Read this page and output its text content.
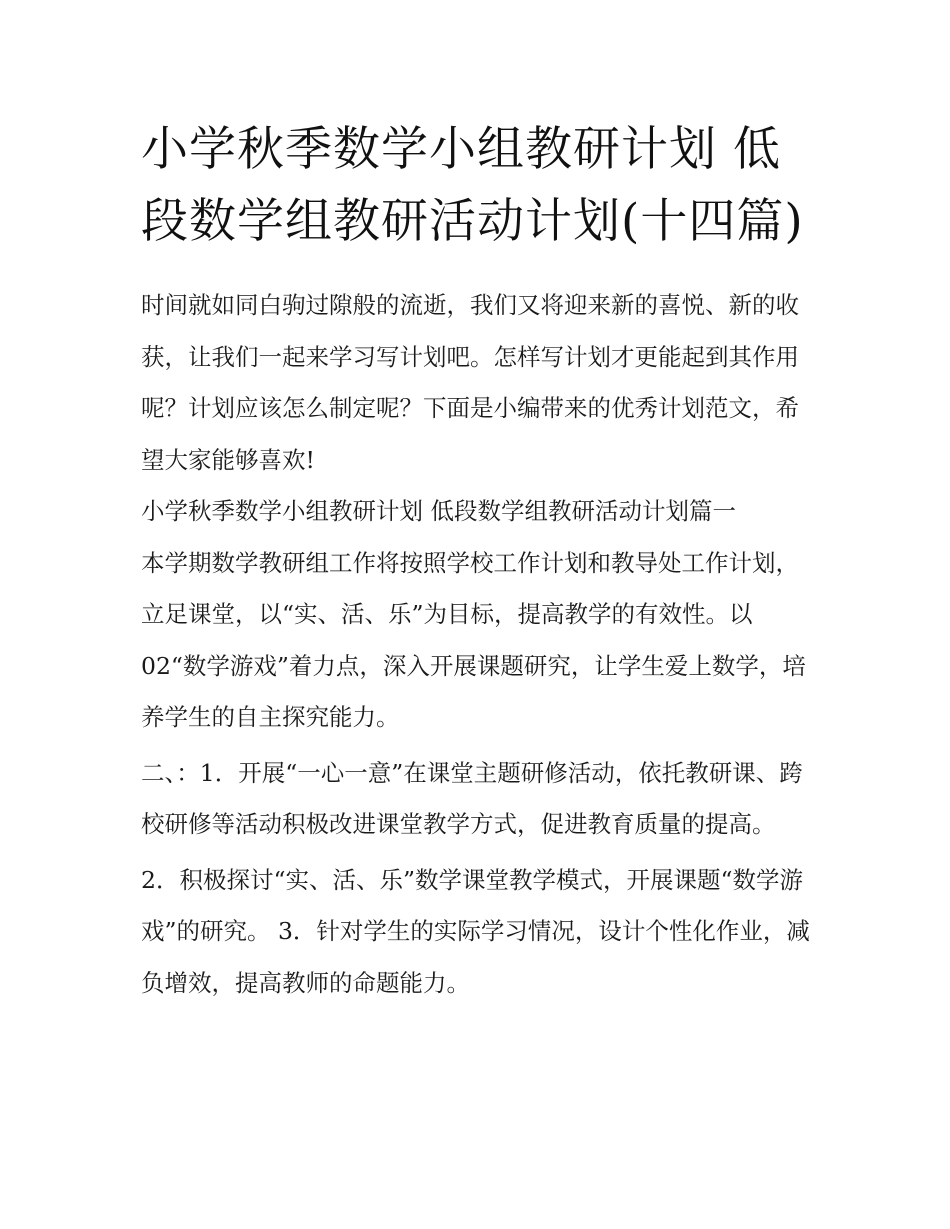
小学秋季数学小组教研计划 低段数学组教研活动计划(十四篇)

时间就如同白驹过隙般的流逝，我们又将迎来新的喜悦、新的收获，让我们一起来学习写计划吧。怎样写计划才更能起到其作用呢？计划应该怎么制定呢？下面是小编带来的优秀计划范文，希望大家能够喜欢!

小学秋季数学小组教研计划 低段数学组教研活动计划篇一

本学期数学教研组工作将按照学校工作计划和教导处工作计划，立足课堂，以“实、活、乐”为目标，提高教学的有效性。以02“数学游戏”着力点，深入开展课题研究，让学生爱上数学，培养学生的自主探究能力。

二、：1．开展“一心一意”在课堂主题研修活动，依托教研课、跨校研修等活动积极改进课堂教学方式，促进教育质量的提高。

2．积极探讨“实、活、乐”数学课堂教学模式，开展课题“数学游戏”的研究。 3．针对学生的实际学习情况，设计个性化作业，减负增效，提高教师的命题能力。
